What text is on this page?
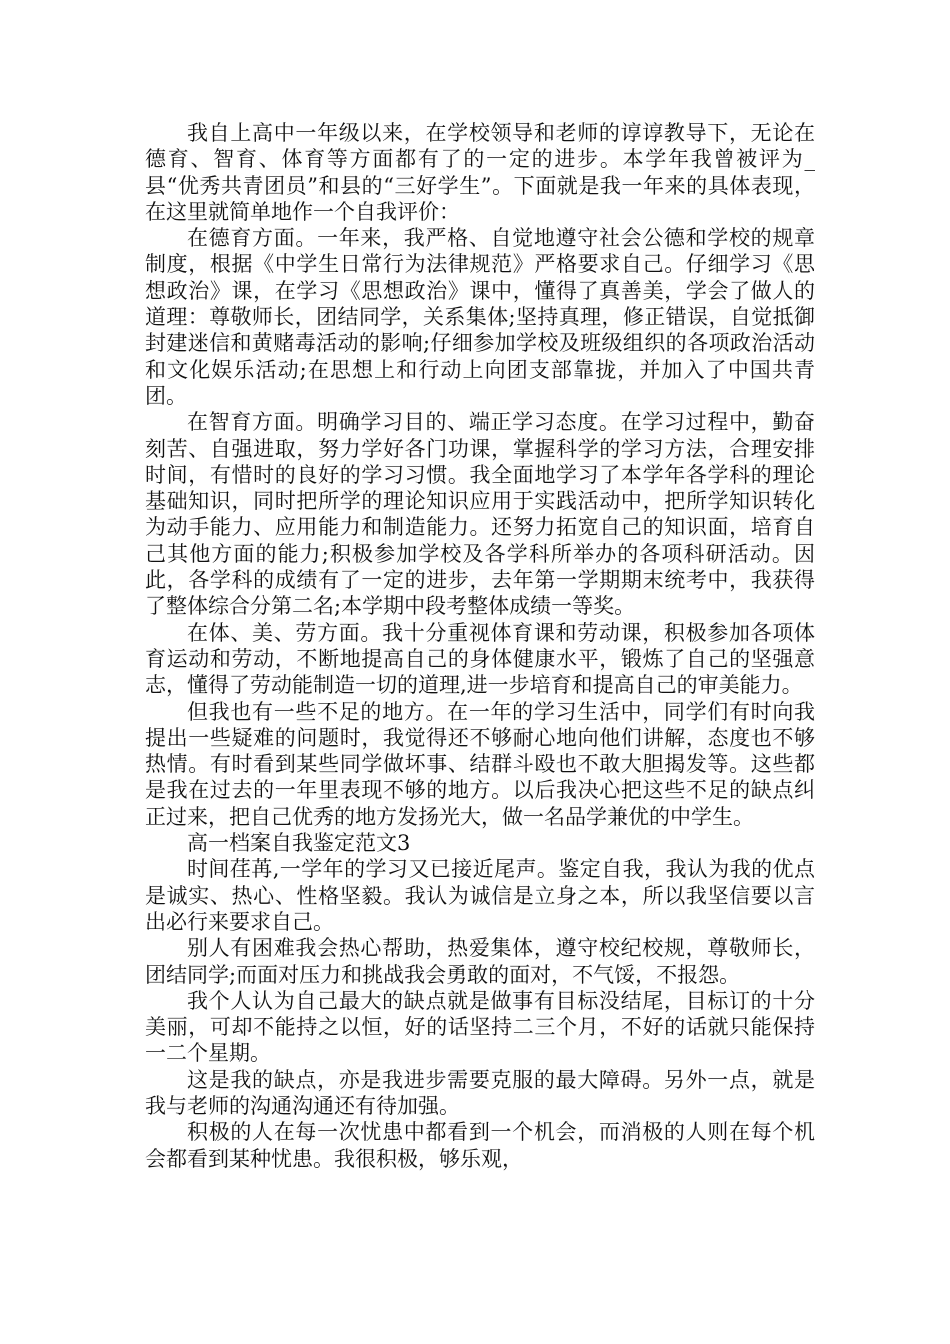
我自上高中一年级以来，在学校领导和老师的谆谆教导下，无论在德育、智育、体育等方面都有了的一定的进步。本学年我曾被评为_县“优秀共青团员”和县的“三好学生”。下面就是我一年来的具体表现，在这里就简单地作一个自我评价：

在德育方面。一年来，我严格、自觉地遵守社会公德和学校的规章制度，根据《中学生日常行为法律规范》严格要求自己。仔细学习《思想政治》课，在学习《思想政治》课中，懂得了真善美，学会了做人的道理：尊敬师长，团结同学，关系集体;坚持真理，修正错误，自觉抵御封建迷信和黄赌毒活动的影响;仔细参加学校及班级组织的各项政治活动和文化娱乐活动;在思想上和行动上向团支部靠拢，并加入了中国共青团。

在智育方面。明确学习目的、端正学习态度。在学习过程中，勤奋刻苦、自强进取，努力学好各门功课，掌握科学的学习方法，合理安排时间，有惜时的良好的学习习惯。我全面地学习了本学年各学科的理论基础知识，同时把所学的理论知识应用于实践活动中，把所学知识转化为动手能力、应用能力和制造能力。还努力拓宽自己的知识面，培育自己其他方面的能力;积极参加学校及各学科所举办的各项科研活动。因此，各学科的成绩有了一定的进步，去年第一学期期末统考中，我获得了整体综合分第二名;本学期中段考整体成绩一等奖。

在体、美、劳方面。我十分重视体育课和劳动课，积极参加各项体育运动和劳动，不断地提高自己的身体健康水平，锻炼了自己的坚强意志，懂得了劳动能制造一切的道理,进一步培育和提高自己的审美能力。

但我也有一些不足的地方。在一年的学习生活中，同学们有时向我提出一些疑难的问题时，我觉得还不够耐心地向他们讲解，态度也不够热情。有时看到某些同学做坏事、结群斗殴也不敢大胆揭发等。这些都是我在过去的一年里表现不够的地方。以后我决心把这些不足的缺点纠正过来，把自己优秀的地方发扬光大，做一名品学兼优的中学生。

高一档案自我鉴定范文3

时间荏苒,一学年的学习又已接近尾声。鉴定自我，我认为我的优点是诚实、热心、性格坚毅。我认为诚信是立身之本，所以我坚信要以言出必行来要求自己。

别人有困难我会热心帮助，热爱集体，遵守校纪校规，尊敬师长，团结同学;而面对压力和挑战我会勇敢的面对，不气馁，不报怨。

我个人认为自己最大的缺点就是做事有目标没结尾，目标订的十分美丽，可却不能持之以恒，好的话坚持二三个月，不好的话就只能保持一二个星期。

这是我的缺点，亦是我进步需要克服的最大障碍。另外一点，就是我与老师的沟通沟通还有待加强。

积极的人在每一次忧患中都看到一个机会，而消极的人则在每个机会都看到某种忧患。我很积极，够乐观，
